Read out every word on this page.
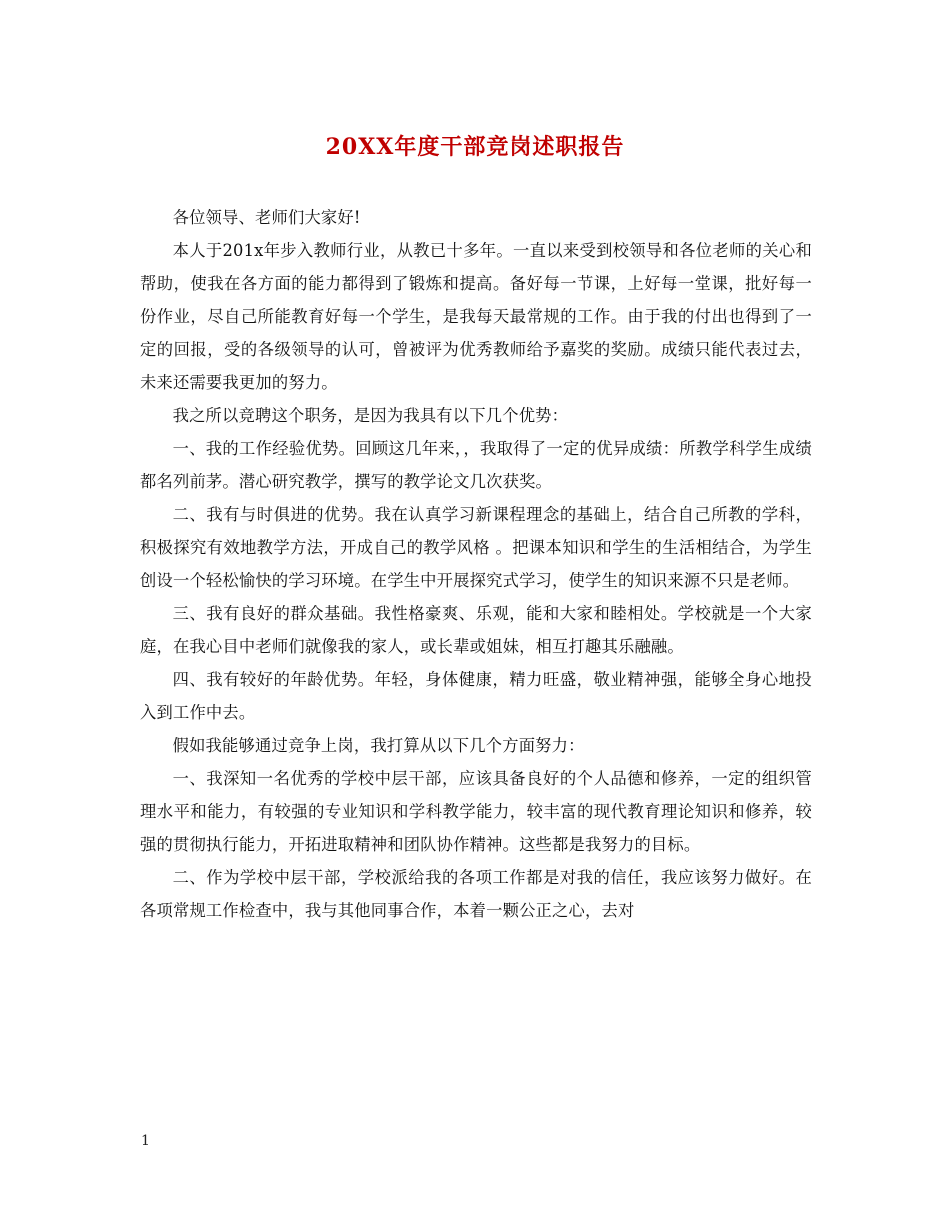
20XX年度干部竞岗述职报告

各位领导、老师们大家好!

本人于201x年步入教师行业，从教已十多年。一直以来受到校领导和各位老师的关心和帮助，使我在各方面的能力都得到了锻炼和提高。备好每一节课，上好每一堂课，批好每一份作业，尽自己所能教育好每一个学生，是我每天最常规的工作。由于我的付出也得到了一定的回报，受的各级领导的认可，曾被评为优秀教师给予嘉奖的奖励。成绩只能代表过去，未来还需要我更加的努力。

我之所以竞聘这个职务，是因为我具有以下几个优势：

一、我的工作经验优势。回顾这几年来，，我取得了一定的优异成绩：所教学科学生成绩都名列前茅。潜心研究教学，撰写的教学论文几次获奖。

二、我有与时俱进的优势。我在认真学习新课程理念的基础上，结合自己所教的学科，积极探究有效地教学方法，开成自己的教学风格 。把课本知识和学生的生活相结合，为学生创设一个轻松愉快的学习环境。在学生中开展探究式学习，使学生的知识来源不只是老师。

三、我有良好的群众基础。我性格豪爽、乐观，能和大家和睦相处。学校就是一个大家庭，在我心目中老师们就像我的家人，或长辈或姐妹，相互打趣其乐融融。

四、我有较好的年龄优势。年轻，身体健康，精力旺盛，敬业精神强，能够全身心地投入到工作中去。

假如我能够通过竞争上岗，我打算从以下几个方面努力：

一、我深知一名优秀的学校中层干部，应该具备良好的个人品德和修养，一定的组织管理水平和能力，有较强的专业知识和学科教学能力，较丰富的现代教育理论知识和修养，较强的贯彻执行能力，开拓进取精神和团队协作精神。这些都是我努力的目标。

二、作为学校中层干部，学校派给我的各项工作都是对我的信任，我应该努力做好。在各项常规工作检查中，我与其他同事合作，本着一颗公正之心，去对

1
